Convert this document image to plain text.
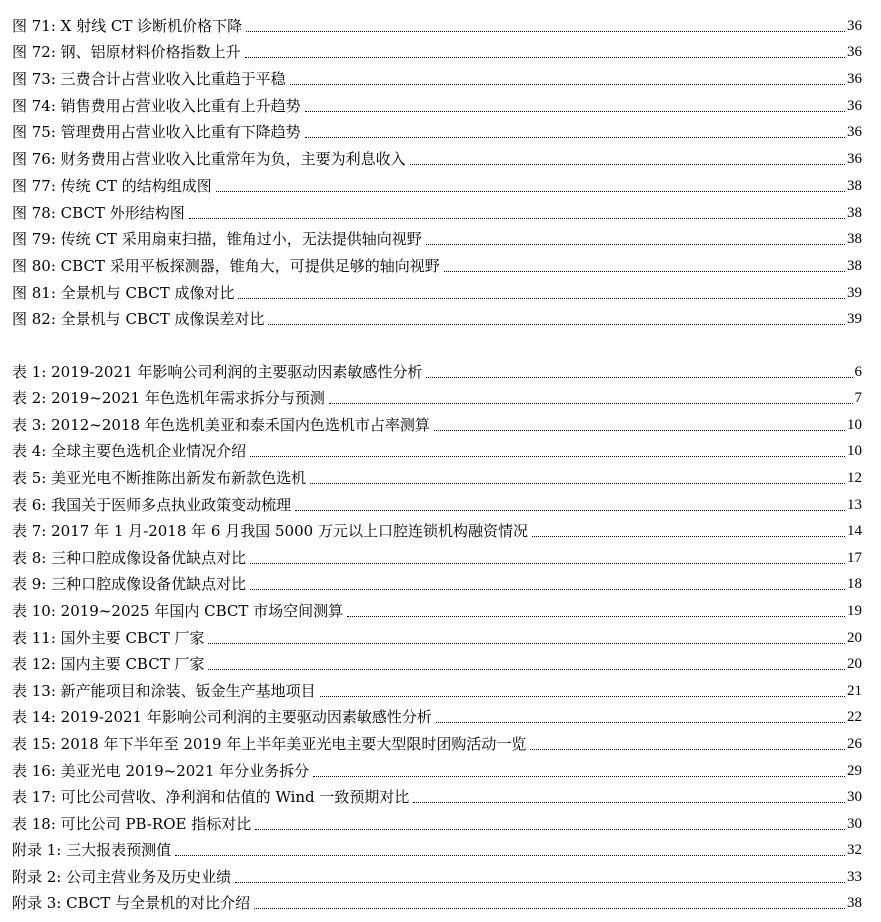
图 71: X 射线 CT 诊断机价格下降	36
图 72: 钢、铝原材料价格指数上升	36
图 73: 三费合计占营业收入比重趋于平稳	36
图 74: 销售费用占营业收入比重有上升趋势	36
图 75: 管理费用占营业收入比重有下降趋势	36
图 76: 财务费用占营业收入比重常年为负，主要为利息收入	36
图 77: 传统 CT 的结构组成图	38
图 78: CBCT 外形结构图	38
图 79: 传统 CT 采用扇束扫描，锥角过小，无法提供轴向视野	38
图 80: CBCT 采用平板探测器，锥角大，可提供足够的轴向视野	38
图 81: 全景机与 CBCT 成像对比	39
图 82: 全景机与 CBCT 成像误差对比	39
表 1: 2019-2021 年影响公司利润的主要驱动因素敏感性分析	6
表 2: 2019~2021 年色选机年需求拆分与预测	7
表 3: 2012~2018 年色选机美亚和泰禾国内色选机市占率测算	10
表 4: 全球主要色选机企业情况介绍	10
表 5: 美亚光电不断推陈出新发布新款色选机	12
表 6: 我国关于医师多点执业政策变动梳理	13
表 7: 2017 年 1 月-2018 年 6 月我国 5000 万元以上口腔连锁机构融资情况	14
表 8: 三种口腔成像设备优缺点对比	17
表 9: 三种口腔成像设备优缺点对比	18
表 10: 2019~2025 年国内 CBCT 市场空间测算	19
表 11: 国外主要 CBCT 厂家	20
表 12: 国内主要 CBCT 厂家	20
表 13: 新产能项目和涂装、钣金生产基地项目	21
表 14: 2019-2021 年影响公司利润的主要驱动因素敏感性分析	22
表 15: 2018 年下半年至 2019 年上半年美亚光电主要大型限时团购活动一览	26
表 16: 美亚光电 2019~2021 年分业务拆分	29
表 17: 可比公司营收、净利润和估值的 Wind 一致预期对比	30
表 18: 可比公司 PB-ROE 指标对比	30
附录 1: 三大报表预测值	32
附录 2: 公司主营业务及历史业绩	33
附录 3: CBCT 与全景机的对比介绍	38
